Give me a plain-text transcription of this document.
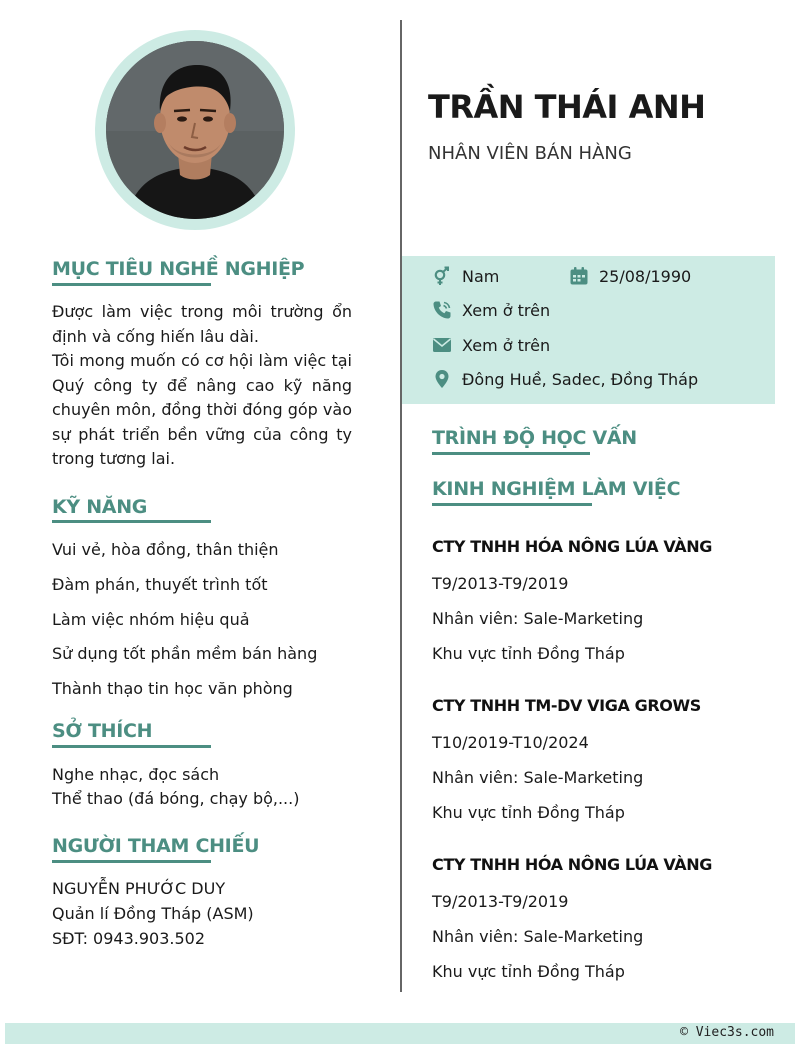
MỤC TIÊU NGHỀ NGHIỆP
Được làm việc trong môi trường ổn định và cống hiến lâu dài.
Tôi mong muốn có cơ hội làm việc tại Quý công ty để nâng cao kỹ năng chuyên môn, đồng thời đóng góp vào sự phát triển bền vững của công ty trong tương lai.
KỸ NĂNG
Vui vẻ, hòa đồng, thân thiện
Đàm phán, thuyết trình tốt
Làm việc nhóm hiệu quả
Sử dụng tốt phần mềm bán hàng
Thành thạo tin học văn phòng
SỞ THÍCH
Nghe nhạc, đọc sách
Thể thao (đá bóng, chạy bộ,...)
NGƯỜI THAM CHIẾU
NGUYỄN PHƯỚC DUY
Quản lí Đồng Tháp (ASM)
SĐT: 0943.903.502
TRẦN THÁI ANH
NHÂN VIÊN BÁN HÀNG
Nam	25/08/1990
Xem ở trên
Xem ở trên
Đông Huề, Sadec, Đồng Tháp
TRÌNH ĐỘ HỌC VẤN
KINH NGHIỆM LÀM VIỆC
CTY TNHH HÓA NÔNG LÚA VÀNG
T9/2013-T9/2019
Nhân viên: Sale-Marketing
Khu vực tỉnh Đồng Tháp
CTY TNHH TM-DV VIGA GROWS
T10/2019-T10/2024
Nhân viên: Sale-Marketing
Khu vực tỉnh Đồng Tháp
CTY TNHH HÓA NÔNG LÚA VÀNG
T9/2013-T9/2019
Nhân viên: Sale-Marketing
Khu vực tỉnh Đồng Tháp
© Viec3s.com
